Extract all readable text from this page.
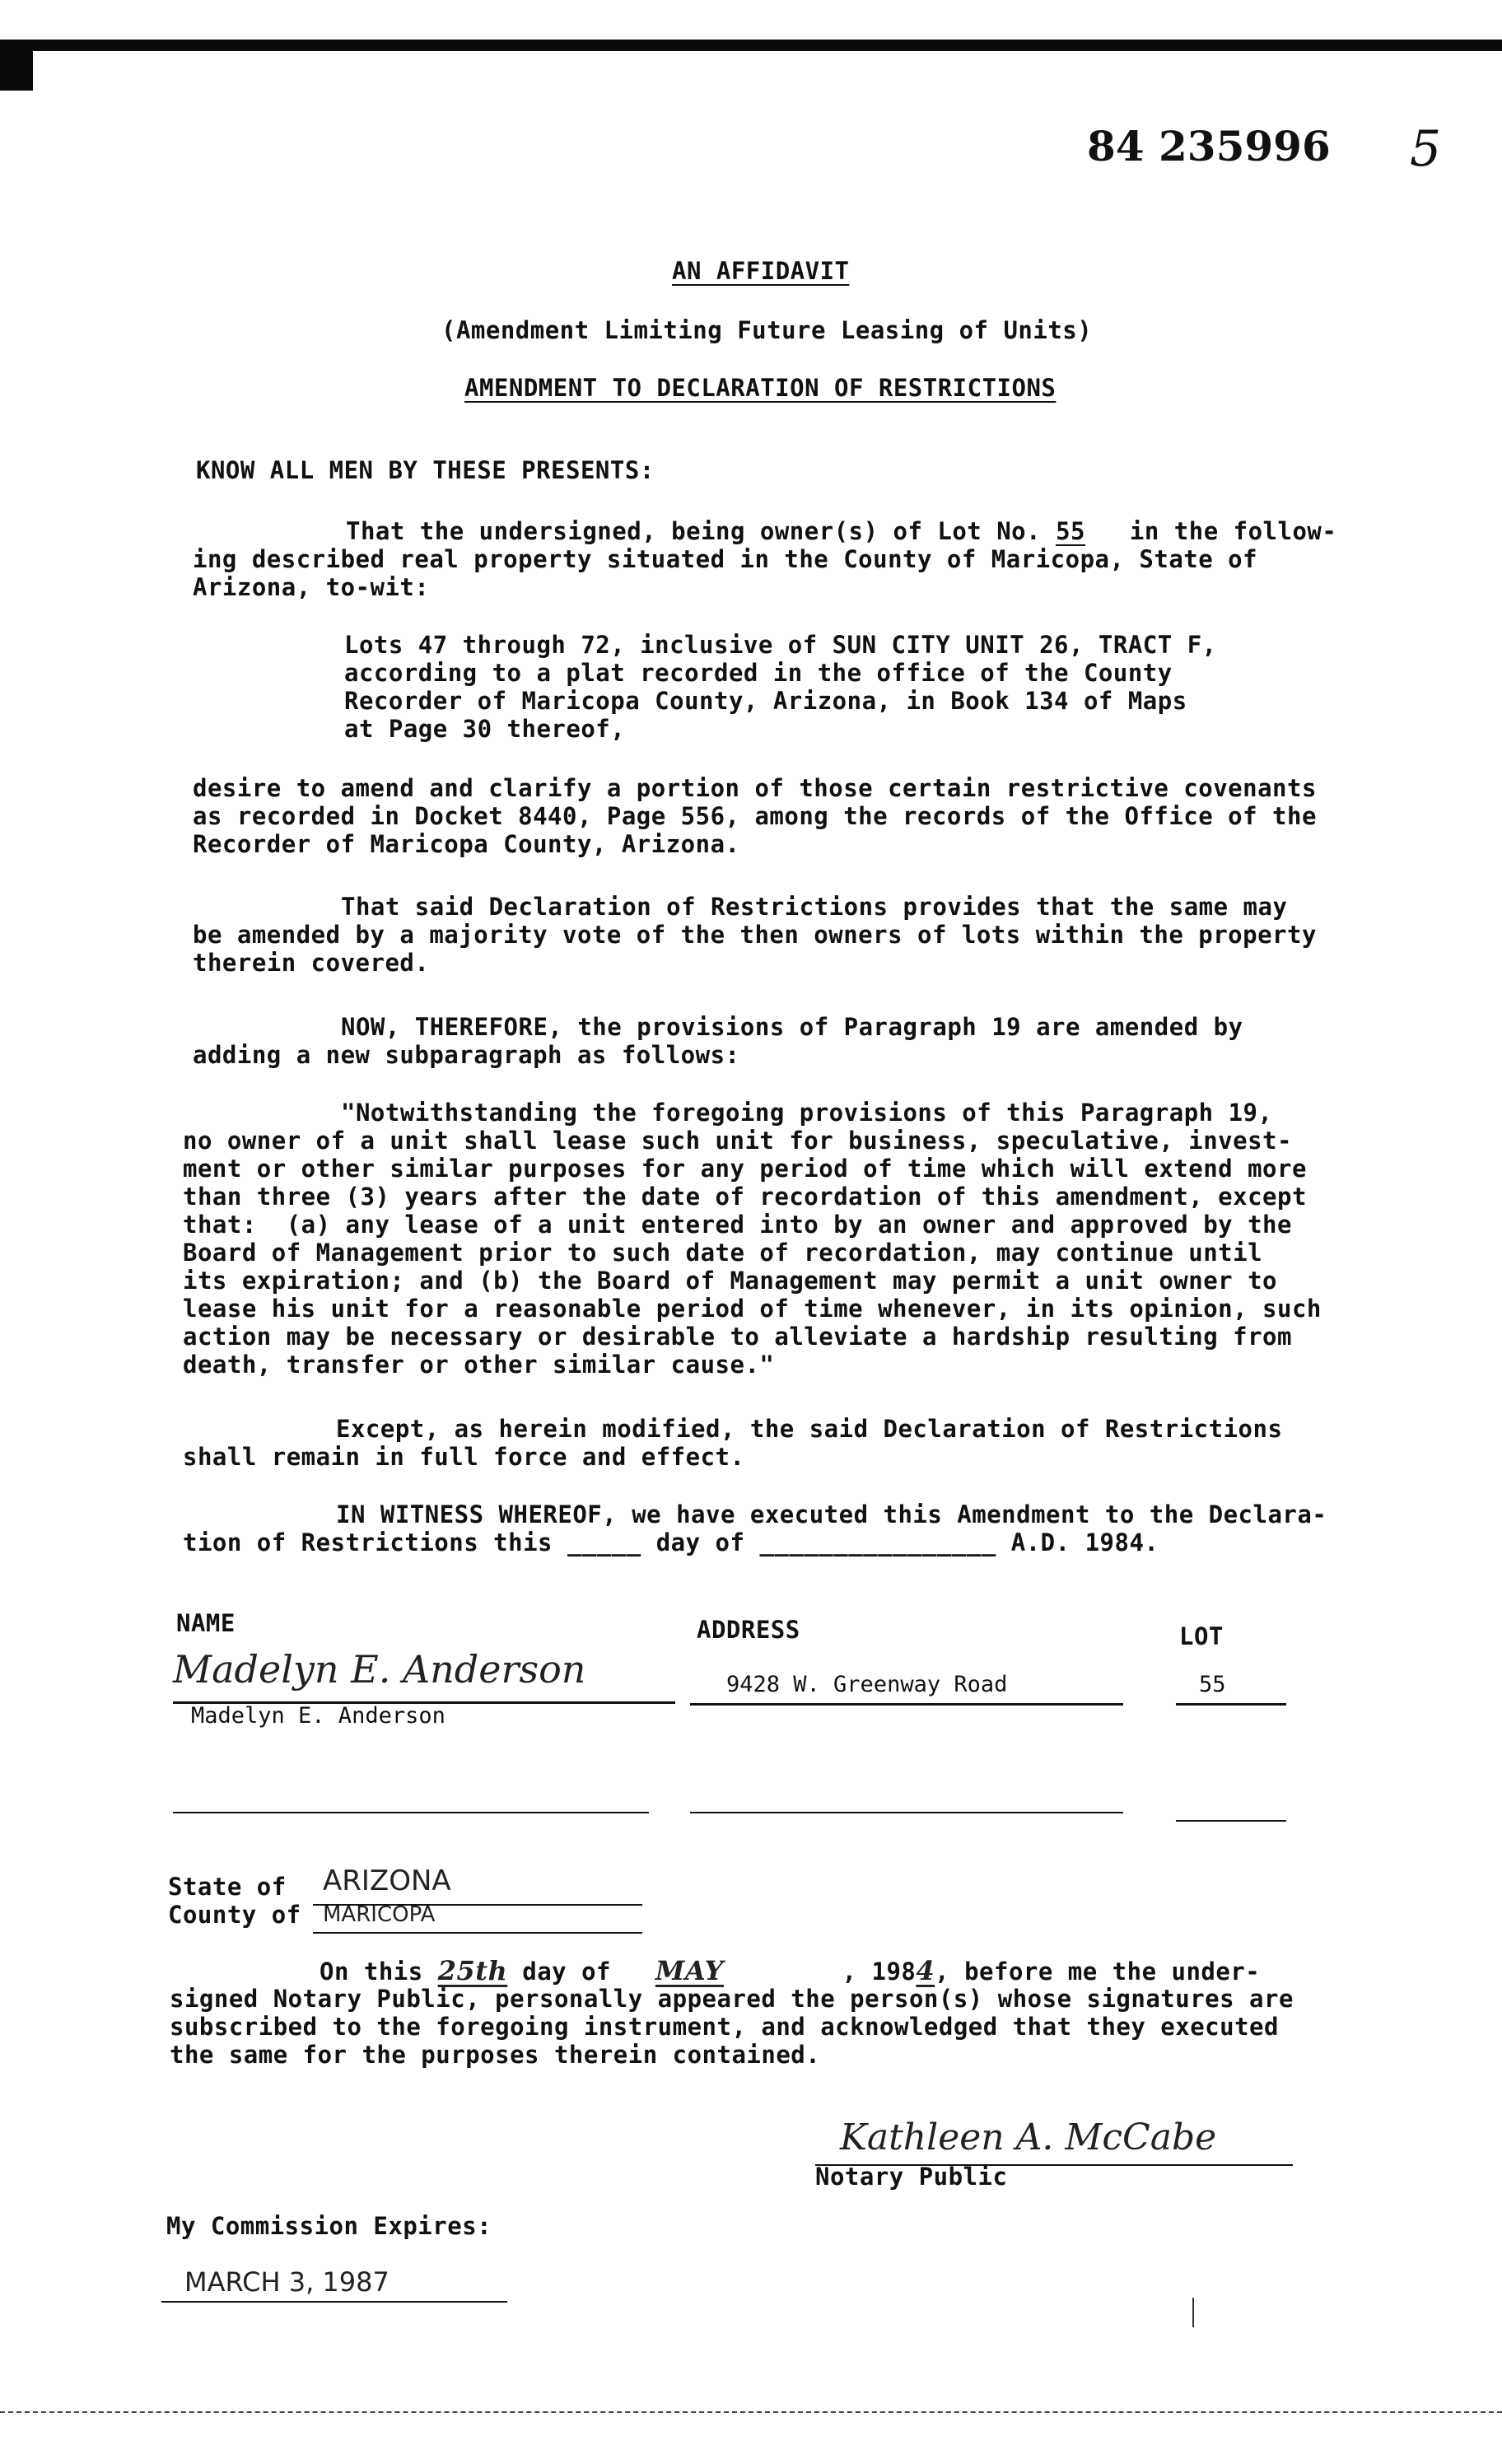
84 235996 5
AN AFFIDAVIT
(Amendment Limiting Future Leasing of Units)
AMENDMENT TO DECLARATION OF RESTRICTIONS
KNOW ALL MEN BY THESE PRESENTS:
That the undersigned, being owner(s) of Lot No. 55 in the follow-
ing described real property situated in the County of Maricopa, State of
Arizona, to-wit:
Lots 47 through 72, inclusive of SUN CITY UNIT 26, TRACT F,
according to a plat recorded in the office of the County
Recorder of Maricopa County, Arizona, in Book 134 of Maps
at Page 30 thereof,
desire to amend and clarify a portion of those certain restrictive covenants
as recorded in Docket 8440, Page 556, among the records of the Office of the
Recorder of Maricopa County, Arizona.
That said Declaration of Restrictions provides that the same may
be amended by a majority vote of the then owners of lots within the property
therein covered.
NOW, THEREFORE, the provisions of Paragraph 19 are amended by
adding a new subparagraph as follows:
"Notwithstanding the foregoing provisions of this Paragraph 19,
no owner of a unit shall lease such unit for business, speculative, invest-
ment or other similar purposes for any period of time which will extend more
than three (3) years after the date of recordation of this amendment, except
that:  (a) any lease of a unit entered into by an owner and approved by the
Board of Management prior to such date of recordation, may continue until
its expiration; and (b) the Board of Management may permit a unit owner to
lease his unit for a reasonable period of time whenever, in its opinion, such
action may be necessary or desirable to alleviate a hardship resulting from
death, transfer or other similar cause."
Except, as herein modified, the said Declaration of Restrictions
shall remain in full force and effect.
IN WITNESS WHEREOF, we have executed this Amendment to the Declara-
tion of Restrictions this _____ day of ________________ A.D. 1984.
NAME	ADDRESS	LOT
Madelyn E. Anderson
Madelyn E. Anderson
9428 W. Greenway Road	55
State of ARIZONA
County of MARICOPA
On this 25th day of MAY	, 1984, before me the under-
signed Notary Public, personally appeared the person(s) whose signatures are
subscribed to the foregoing instrument, and acknowledged that they executed
the same for the purposes therein contained.
Kathleen A. McCabe
Notary Public
My Commission Expires:
MARCH 3, 1987
